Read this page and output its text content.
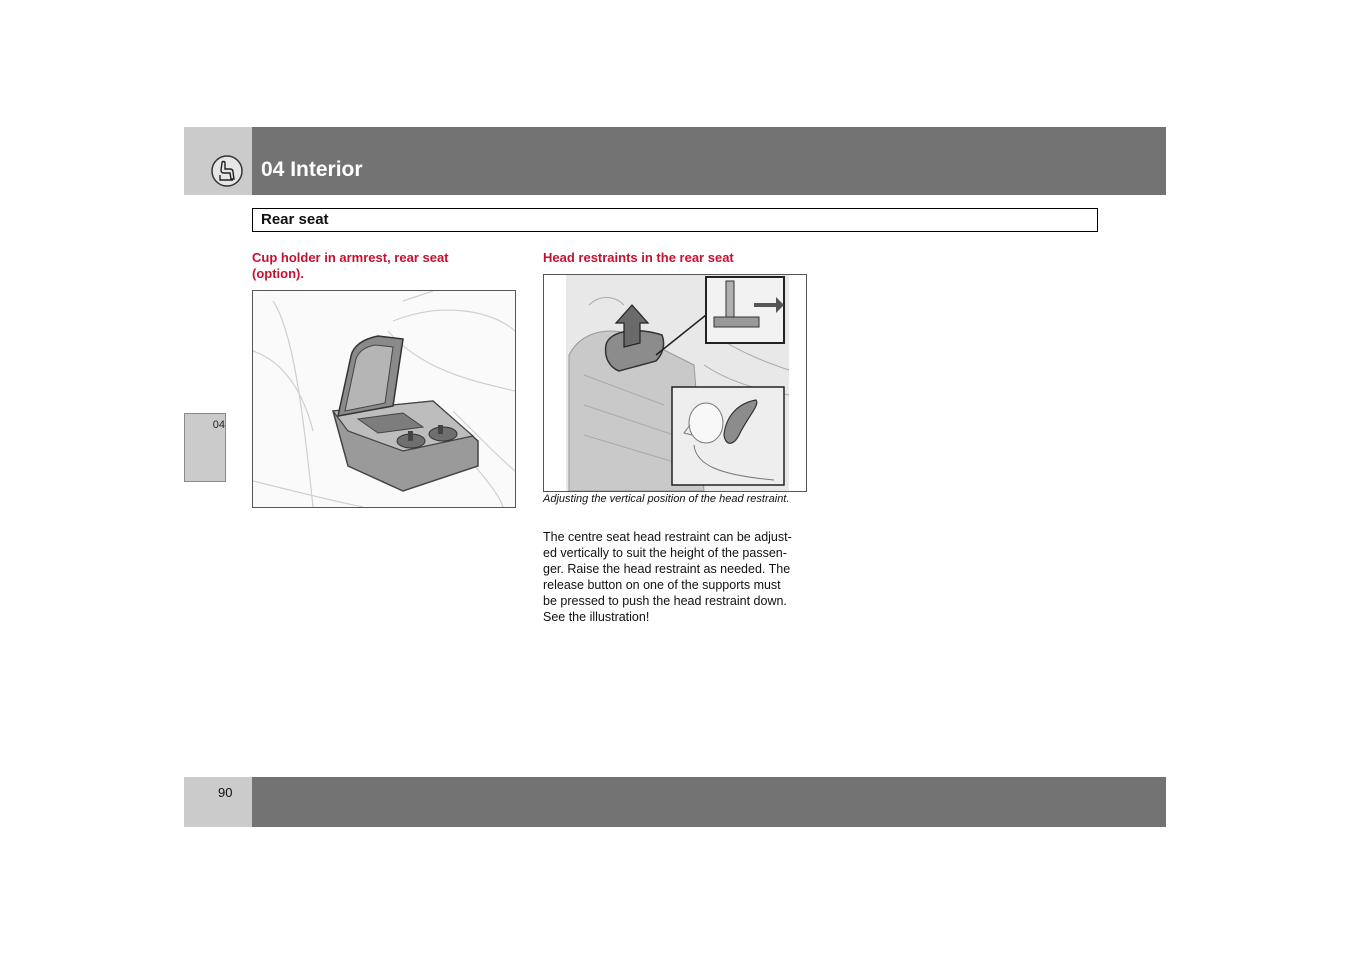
04 Interior
Rear seat
04
Cup holder in armrest, rear seat
(option).
Head restraints in the rear seat
Adjusting the vertical position of the head restraint.
The centre seat head restraint can be adjust-
ed vertically to suit the height of the passen-
ger. Raise the head restraint as needed. The
release button on one of the supports must
be pressed to push the head restraint down.
See the illustration!
90
